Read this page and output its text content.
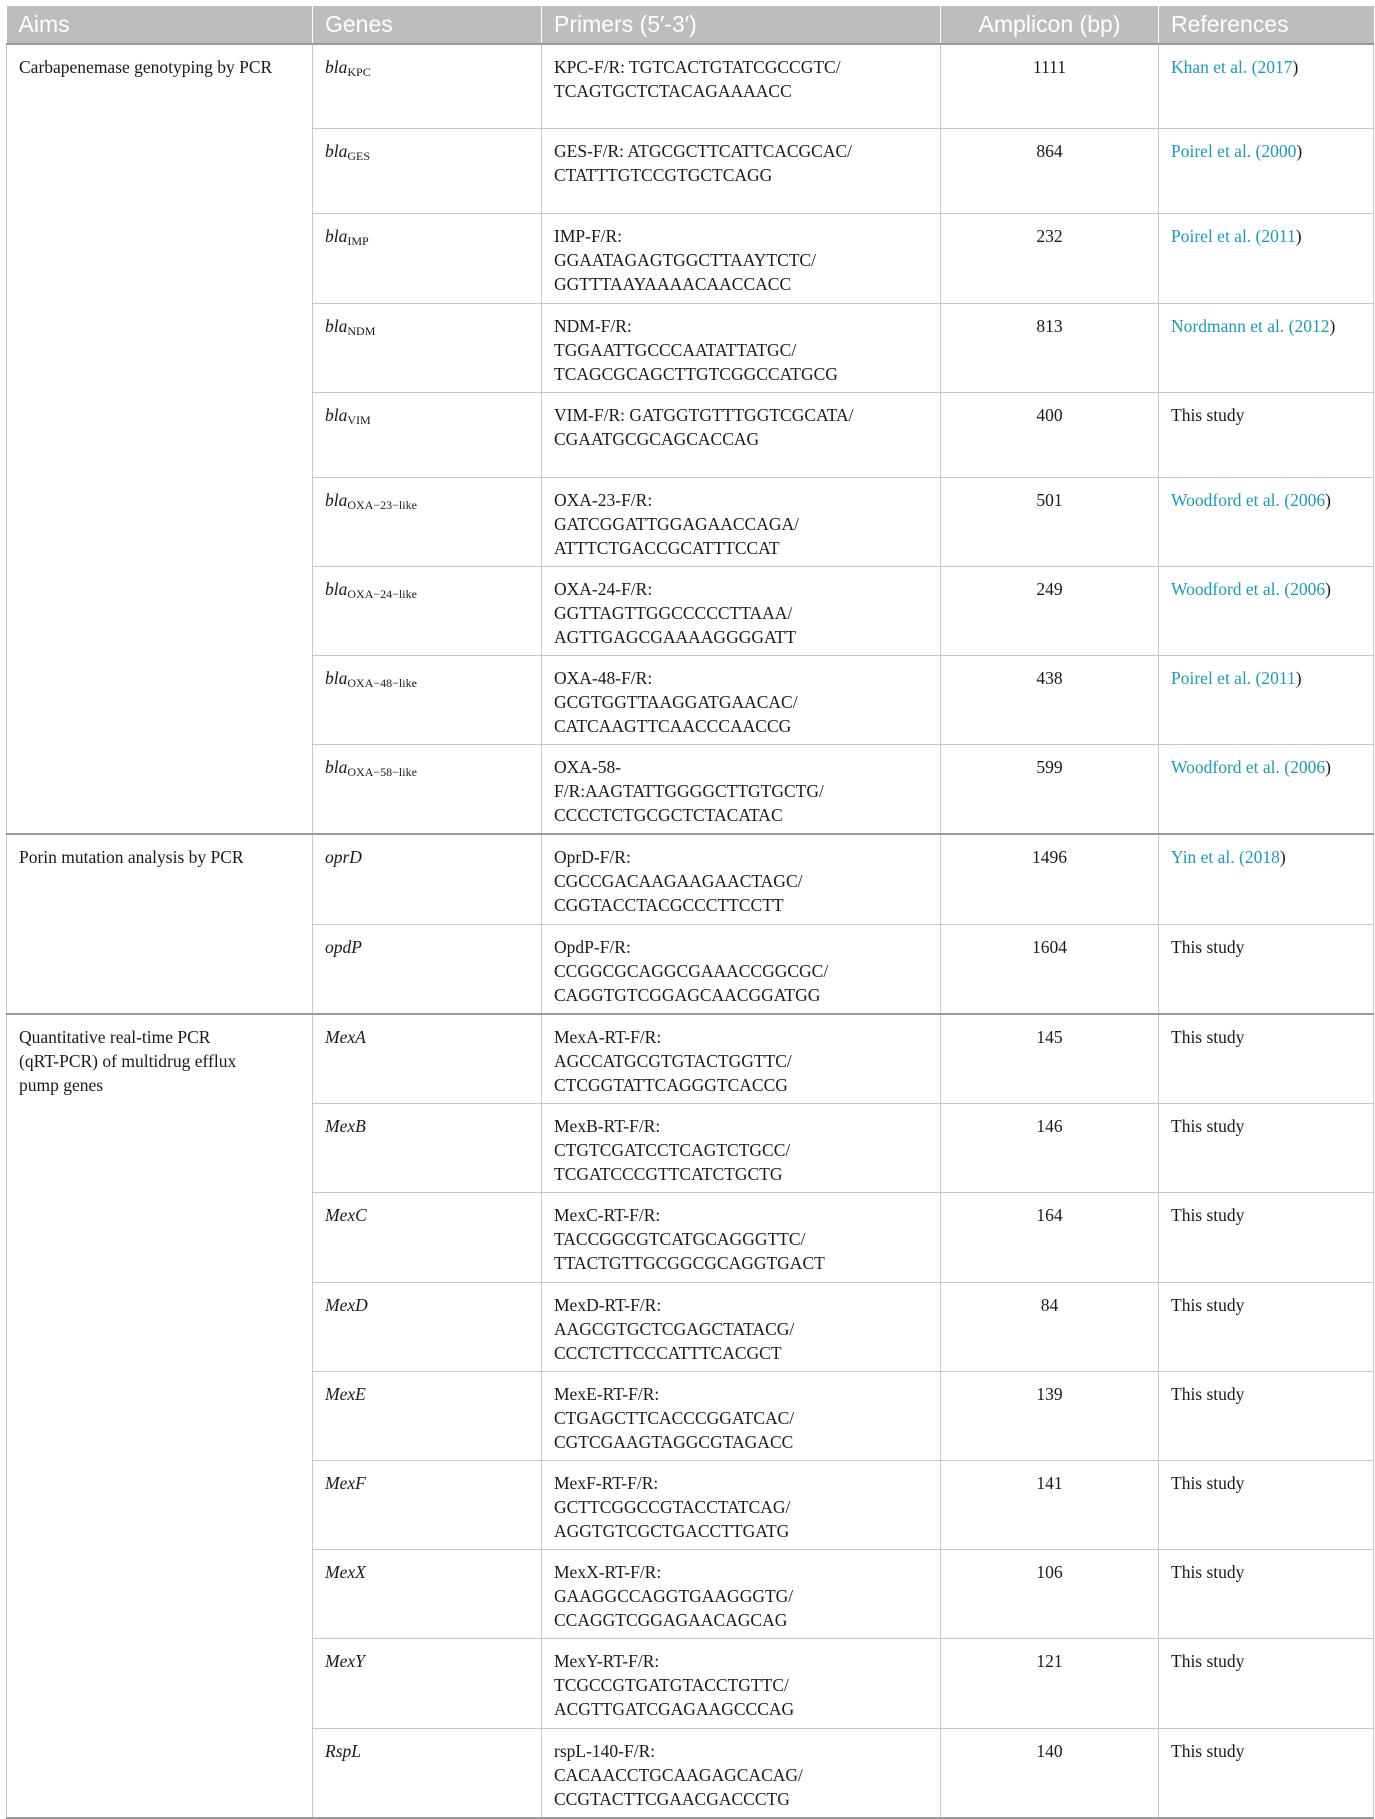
Aims	Genes	Primers (5′-3′)	Amplicon (bp)	References
Carbapenemase genotyping by PCR	bla$_{KPC}$	KPC-F/R: TGTCACTGTATCGCCGTC/
TCAGTGCTCTACAGAAAACC	1111	Khan et al. (2017)
	bla$_{GES}$	GES-F/R: ATGCGCTTCATTCACGCAC/
CTATTTGTCCGTGCTCAGG	864	Poirel et al. (2000)
	bla$_{IMP}$	IMP-F/R:
GGAATAGAGTGGCTTAAYTCTC/
GGTTTAAYAAAACAACCACC	232	Poirel et al. (2011)
	bla$_{NDM}$	NDM-F/R:
TGGAATTGCCCAATATTATGC/
TCAGCGCAGCTTGTCGGCCATGCG	813	Nordmann et al. (2012)
	bla$_{VIM}$	VIM-F/R: GATGGTGTTTGGTCGCATA/
CGAATGCGCAGCACCAG	400	This study
	bla$_{OXA-23-like}$	OXA-23-F/R:
GATCGGATTGGAGAACCAGA/
ATTTCTGACCGCATTTCCAT	501	Woodford et al. (2006)
	bla$_{OXA-24-like}$	OXA-24-F/R:
GGTTAGTTGGCCCCCTTAAA/
AGTTGAGCGAAAAGGGGATT	249	Woodford et al. (2006)
	bla$_{OXA-48-like}$	OXA-48-F/R:
GCGTGGTTAAGGATGAACAC/
CATCAAGTTCAACCCAACCG	438	Poirel et al. (2011)
	bla$_{OXA-58-like}$	OXA-58-
F/R:AAGTATTGGGGCTTGTGCTG/
CCCCTCTGCGCTCTACATAC	599	Woodford et al. (2006)
Porin mutation analysis by PCR	oprD	OprD-F/R:
CGCCGACAAGAAGAACTAGC/
CGGTACCTACGCCCTTCCTT	1496	Yin et al. (2018)
	opdP	OpdP-F/R:
CCGGCGCAGGCGAAACCGGCGC/
CAGGTGTCGGAGCAACGGATGG	1604	This study

Quantitative real-time PCR
(qRT-PCR) of multidrug efflux
pump genes	MexA	MexA-RT-F/R:
AGCCATGCGTGTACTGGTTC/
CTCGGTATTCAGGGTCACCG	145	This study
	MexB	MexB-RT-F/R:
CTGTCGATCCTCAGTCTGCC/
TCGATCCCGTTCATCTGCTG	146	This study
	MexC	MexC-RT-F/R:
TACCGGCGTCATGCAGGGTTC/
TTACTGTTGCGGCGCAGGTGACT	164	This study
	MexD	MexD-RT-F/R:
AAGCGTGCTCGAGCTATACG/
CCCTCTTCCCATTTCACGCT	84	This study
	MexE	MexE-RT-F/R:
CTGAGCTTCACCCGGATCAC/
CGTCGAAGTAGGCGTAGACC	139	This study
	MexF	MexF-RT-F/R:
GCTTCGGCCGTACCTATCAG/
AGGTGTCGCTGACCTTGATG	141	This study
	MexX	MexX-RT-F/R:
GAAGGCCAGGTGAAGGGTG/
CCAGGTCGGAGAACAGCAG	106	This study
	MexY	MexY-RT-F/R:
TCGCCGTGATGTACCTGTTC/
ACGTTGATCGAGAAGCCCAG	121	This study
	RspL	rspL-140-F/R:
CACAACCTGCAAGAGCACAG/
CCGTACTTCGAACGACCCTG	140	This study
